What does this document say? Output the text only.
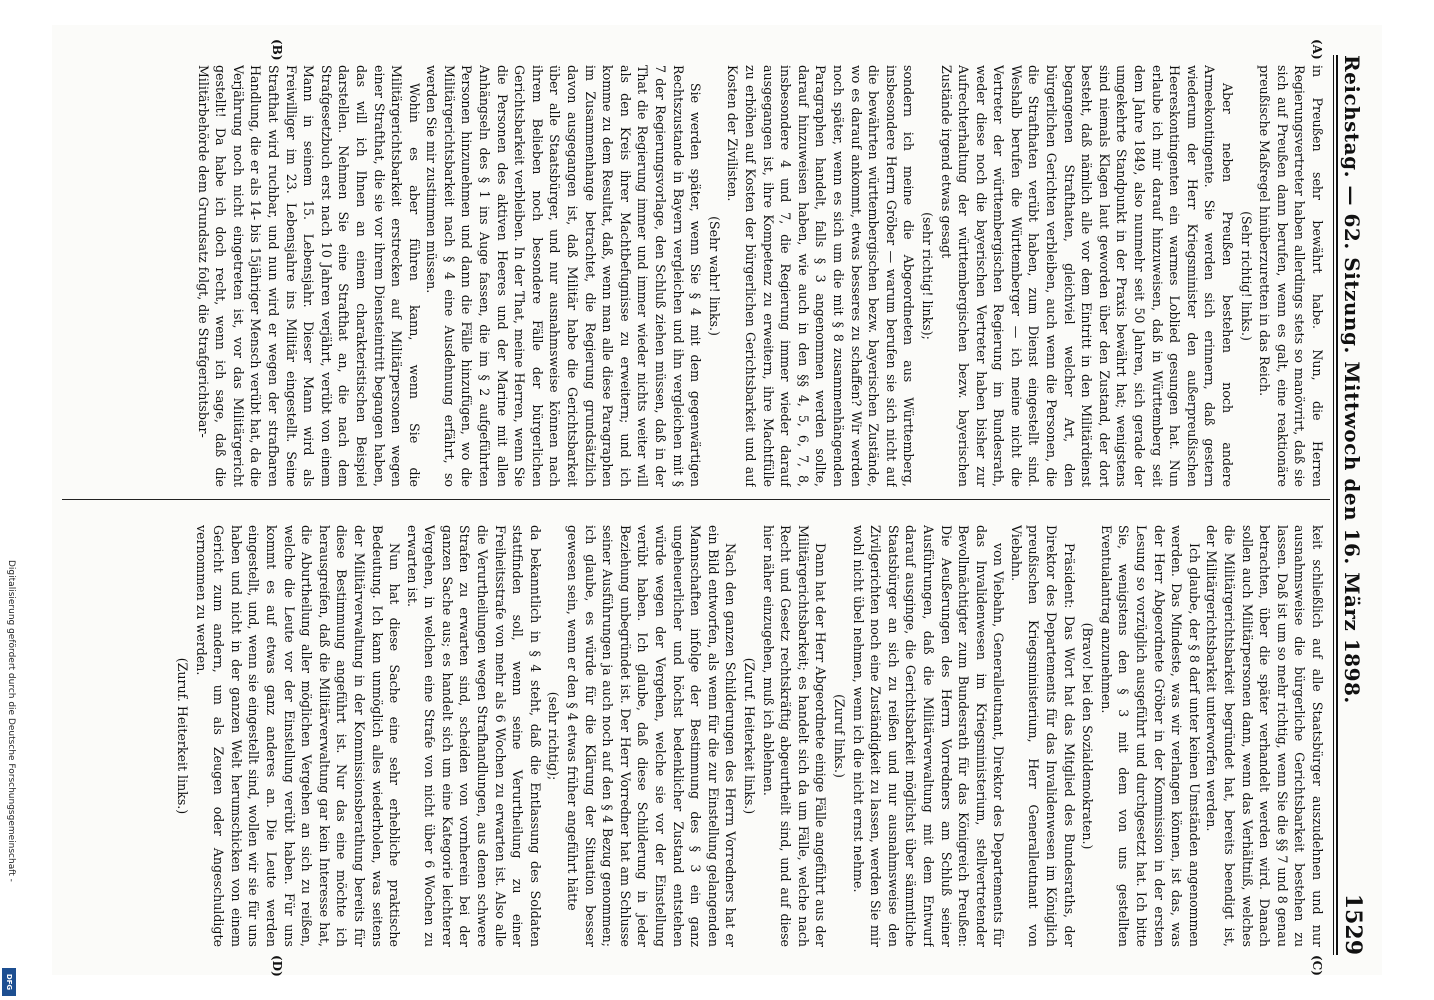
Reichstag. — 62. Sitzung. Mittwoch den 16. März 1898.
1529
(A)
(B)
(C)
(D)

in Preußen sehr bewährt habe. Nun, die Herren Regierungsvertreter haben allerdings stets so manövrirt, daß sie sich auf Preußen dann berufen, wenn es galt, eine reaktionäre preußische Maßregel hinüberzuretten in das Reich.

(Sehr richtig! links.)

Aber neben Preußen bestehen noch andere Armeekontingente. Sie werden sich erinnern, daß gestern wiederum der Herr Kriegsminister den außerpreußischen Heereskontingenten ein warmes Loblied gesungen hat. Nun erlaube ich mir darauf hinzuweisen, daß in Württemberg seit dem Jahre 1849, also nunmehr seit 50 Jahren, sich gerade der umgekehrte Standpunkt in der Praxis bewährt hat; wenigstens sind niemals Klagen laut geworden über den Zustand, der dort besteht, daß nämlich alle vor dem Eintritt in den Militärdienst begangenen Strafthaten, gleichviel welcher Art, den bürgerlichen Gerichten verbleiben, auch wenn die Personen, die die Strafthaten verübt haben, zum Dienst eingestellt sind. Weshalb berufen die Württemberger — ich meine nicht die Vertreter der württembergischen Regierung im Bundesrath, weder diese noch die bayerischen Vertreter haben bisher zur Aufrechterhaltung der württembergischen bezw. bayerischen Zustände irgend etwas gesagt

(sehr richtig! links);

sondern ich meine die Abgeordneten aus Württemberg, insbesondere Herrn Gröber — warum berufen sie sich nicht auf die bewährten württembergischen bezw. bayerischen Zustände, wo es darauf ankommt, etwas besseres zu schaffen? Wir werden noch später, wenn es sich um die mit § 8 zusammenhängenden Paragraphen handelt, falls § 3 angenommen werden sollte, darauf hinzuweisen haben, wie auch in den §§ 4, 5, 6, 7, 8, insbesondere 4 und 7, die Regierung immer wieder darauf ausgegangen ist, ihre Kompetenz zu erweitern, ihre Machtfülle zu erhöhen auf Kosten der bürgerlichen Gerichtsbarkeit und auf Kosten der Zivilisten.

(Sehr wahr! links.)

Sie werden später, wenn Sie § 4 mit dem gegenwärtigen Rechtszustande in Bayern vergleichen und ihn vergleichen mit § 7 der Regierungsvorlage, den Schluß ziehen müssen, daß in der That die Regierung immer und immer wieder nichts weiter will als den Kreis ihrer Machtbefugnisse zu erweitern; und ich komme zu dem Resultat, daß, wenn man alle diese Paragraphen im Zusammenhange betrachtet, die Regierung grundsätzlich davon ausgegangen ist, daß Militär habe die Gerichtsbarkeit über alle Staatsbürger, und nur ausnahmsweise können nach ihrem Belieben noch besondere Fälle der bürgerlichen Gerichtsbarkeit verbleiben. In der That, meine Herren, wenn Sie die Personen des aktiven Heeres und der Marine mit allen Anhängseln des § 1 ins Auge fassen, die im § 2 aufgeführten Personen hinzunehmen und dann die Fälle hinzufügen, wo die Militärgerichtsbarkeit nach § 4 eine Ausdehnung erfährt, so werden Sie mir zustimmen müssen.

Wohin es aber führen kann, wenn Sie die Militärgerichtsbarkeit erstrecken auf Militärpersonen wegen einer Strafthat, die sie vor ihrem Diensteintritt begangen haben, das will ich Ihnen an einem charakteristischen Beispiel darstellen. Nehmen Sie eine Strafthat an, die nach dem Strafgesetzbuch erst nach 10 Jahren verjährt, verübt von einem Mann in seinem 15. Lebensjahr. Dieser Mann wird als Freiwilliger im 23. Lebensjahre ins Militär eingestellt. Seine Strafthat wird ruchbar, und nun wird er wegen der strafbaren Handlung, die er als 14- bis 15jähriger Mensch verübt hat, da die Verjährung noch nicht eingetreten ist, vor das Militärgericht gestellt! Da habe ich doch recht, wenn ich sage, daß die Militärbehörde dem Grundsatz folgt, die Strafgerichtsbar-

keit schließlich auf alle Staatsbürger auszudehnen und nur ausnahmsweise die bürgerliche Gerichtsbarkeit bestehen zu lassen. Daß ist um so mehr richtig, wenn Sie die §§ 7 und 8 genau betrachten, über die später verhandelt werden wird. Danach sollen auch Militärpersonen dann, wenn das Verhältniß, welches die Militärgerichtsbarkeit begründet hat, bereits beendigt ist, der Militärgerichtsbarkeit unterworfen werden.

Ich glaube, der § 8 darf unter keinen Umständen angenommen werden. Das Mindeste, was wir verlangen können, ist das, was der Herr Abgeordnete Gröber in der Kommission in der ersten Lesung so vorzüglich ausgeführt und durchgesetzt hat. Ich bitte Sie, wenigstens den § 3 mit dem von uns gestellten Eventualantrag anzunehmen.

(Bravo! bei den Sozialdemokraten.)

Präsident: Das Wort hat das Mitglied des Bundesraths, der Direktor des Departements für das Invalidenwesen im Königlich preußischen Kriegsministerium, Herr Generalleutnant von Viebahn.

von Viebahn, Generalleutnant, Direktor des Departements für das Invalidenwesen im Kriegsministerium, stellvertretender Bevollmächtigter zum Bundesrath für das Königreich Preußen: Die Aeußerungen des Herrn Vorredners am Schluß seiner Ausführungen, daß die Militärverwaltung mit dem Entwurf darauf ausginge, die Gerichtsbarkeit möglichst über sämmtliche Staatsbürger an sich zu reißen und nur ausnahmsweise den Zivilgerichten noch eine Zuständigkeit zu lassen, werden Sie mir wohl nicht übel nehmen, wenn ich die nicht ernst nehme.

(Zuruf links.)

Dann hat der Herr Abgeordnete einige Fälle angeführt aus der Militärgerichtsbarkeit; es handelt sich da um Fälle, welche nach Recht und Gesetz rechtskräftig abgeurtheilt sind, und auf diese hier näher einzugehen, muß ich ablehnen.

(Zuruf. Heiterkeit links.)

Nach den ganzen Schilderungen des Herrn Vorredners hat er ein Bild entworfen, als wenn für die zur Einstellung gelangenden Mannschaften infolge der Bestimmung des § 3 ein ganz ungeheuerlicher und höchst bedenklicher Zustand entstehen würde wegen der Vergehen, welche sie vor der Einstellung verübt haben. Ich glaube, daß diese Schilderung in jeder Beziehung unbegründet ist. Der Herr Vorredner hat am Schlusse seiner Ausführungen ja auch noch auf den § 4 Bezug genommen; ich glaube, es würde für die Klärung der Situation besser gewesen sein, wenn er den § 4 etwas früher angeführt hätte

(sehr richtig);

da bekanntlich in § 4 steht, daß die Entlassung des Soldaten stattfinden soll, wenn seine Verurtheilung zu einer Freiheitsstrafe von mehr als 6 Wochen zu erwarten ist. Also alle die Verurtheilungen wegen Strafhandlungen, aus denen schwere Strafen zu erwarten sind, scheiden von vornherein bei der ganzen Sache aus; es handelt sich um eine Kategorie leichterer Vergehen, in welchen eine Strafe von nicht über 6 Wochen zu erwarten ist.

Nun hat diese Sache eine sehr erhebliche praktische Bedeutung. Ich kann unmöglich alles wiederholen, was seitens der Militärverwaltung in der Kommissionsberathung bereits für diese Bestimmung angeführt ist. Nur das eine möchte ich herausgreifen, daß die Militärverwaltung gar kein Interesse hat, die Aburtheilung aller möglichen Vergehen an sich zu reißen, welche die Leute vor der Einstellung verübt haben. Für uns kommt es auf etwas ganz anderes an. Die Leute werden eingestellt, und, wenn sie eingestellt sind, wollen wir sie für uns haben und nicht in der ganzen Welt herumschicken von einem Gericht zum andern, um als Zeugen oder Angeschuldigte vernommen zu werden.

(Zuruf. Heiterkeit links.)

Digitalisierung gefördert durch die Deutsche Forschungsgemeinschaft -
DFG
